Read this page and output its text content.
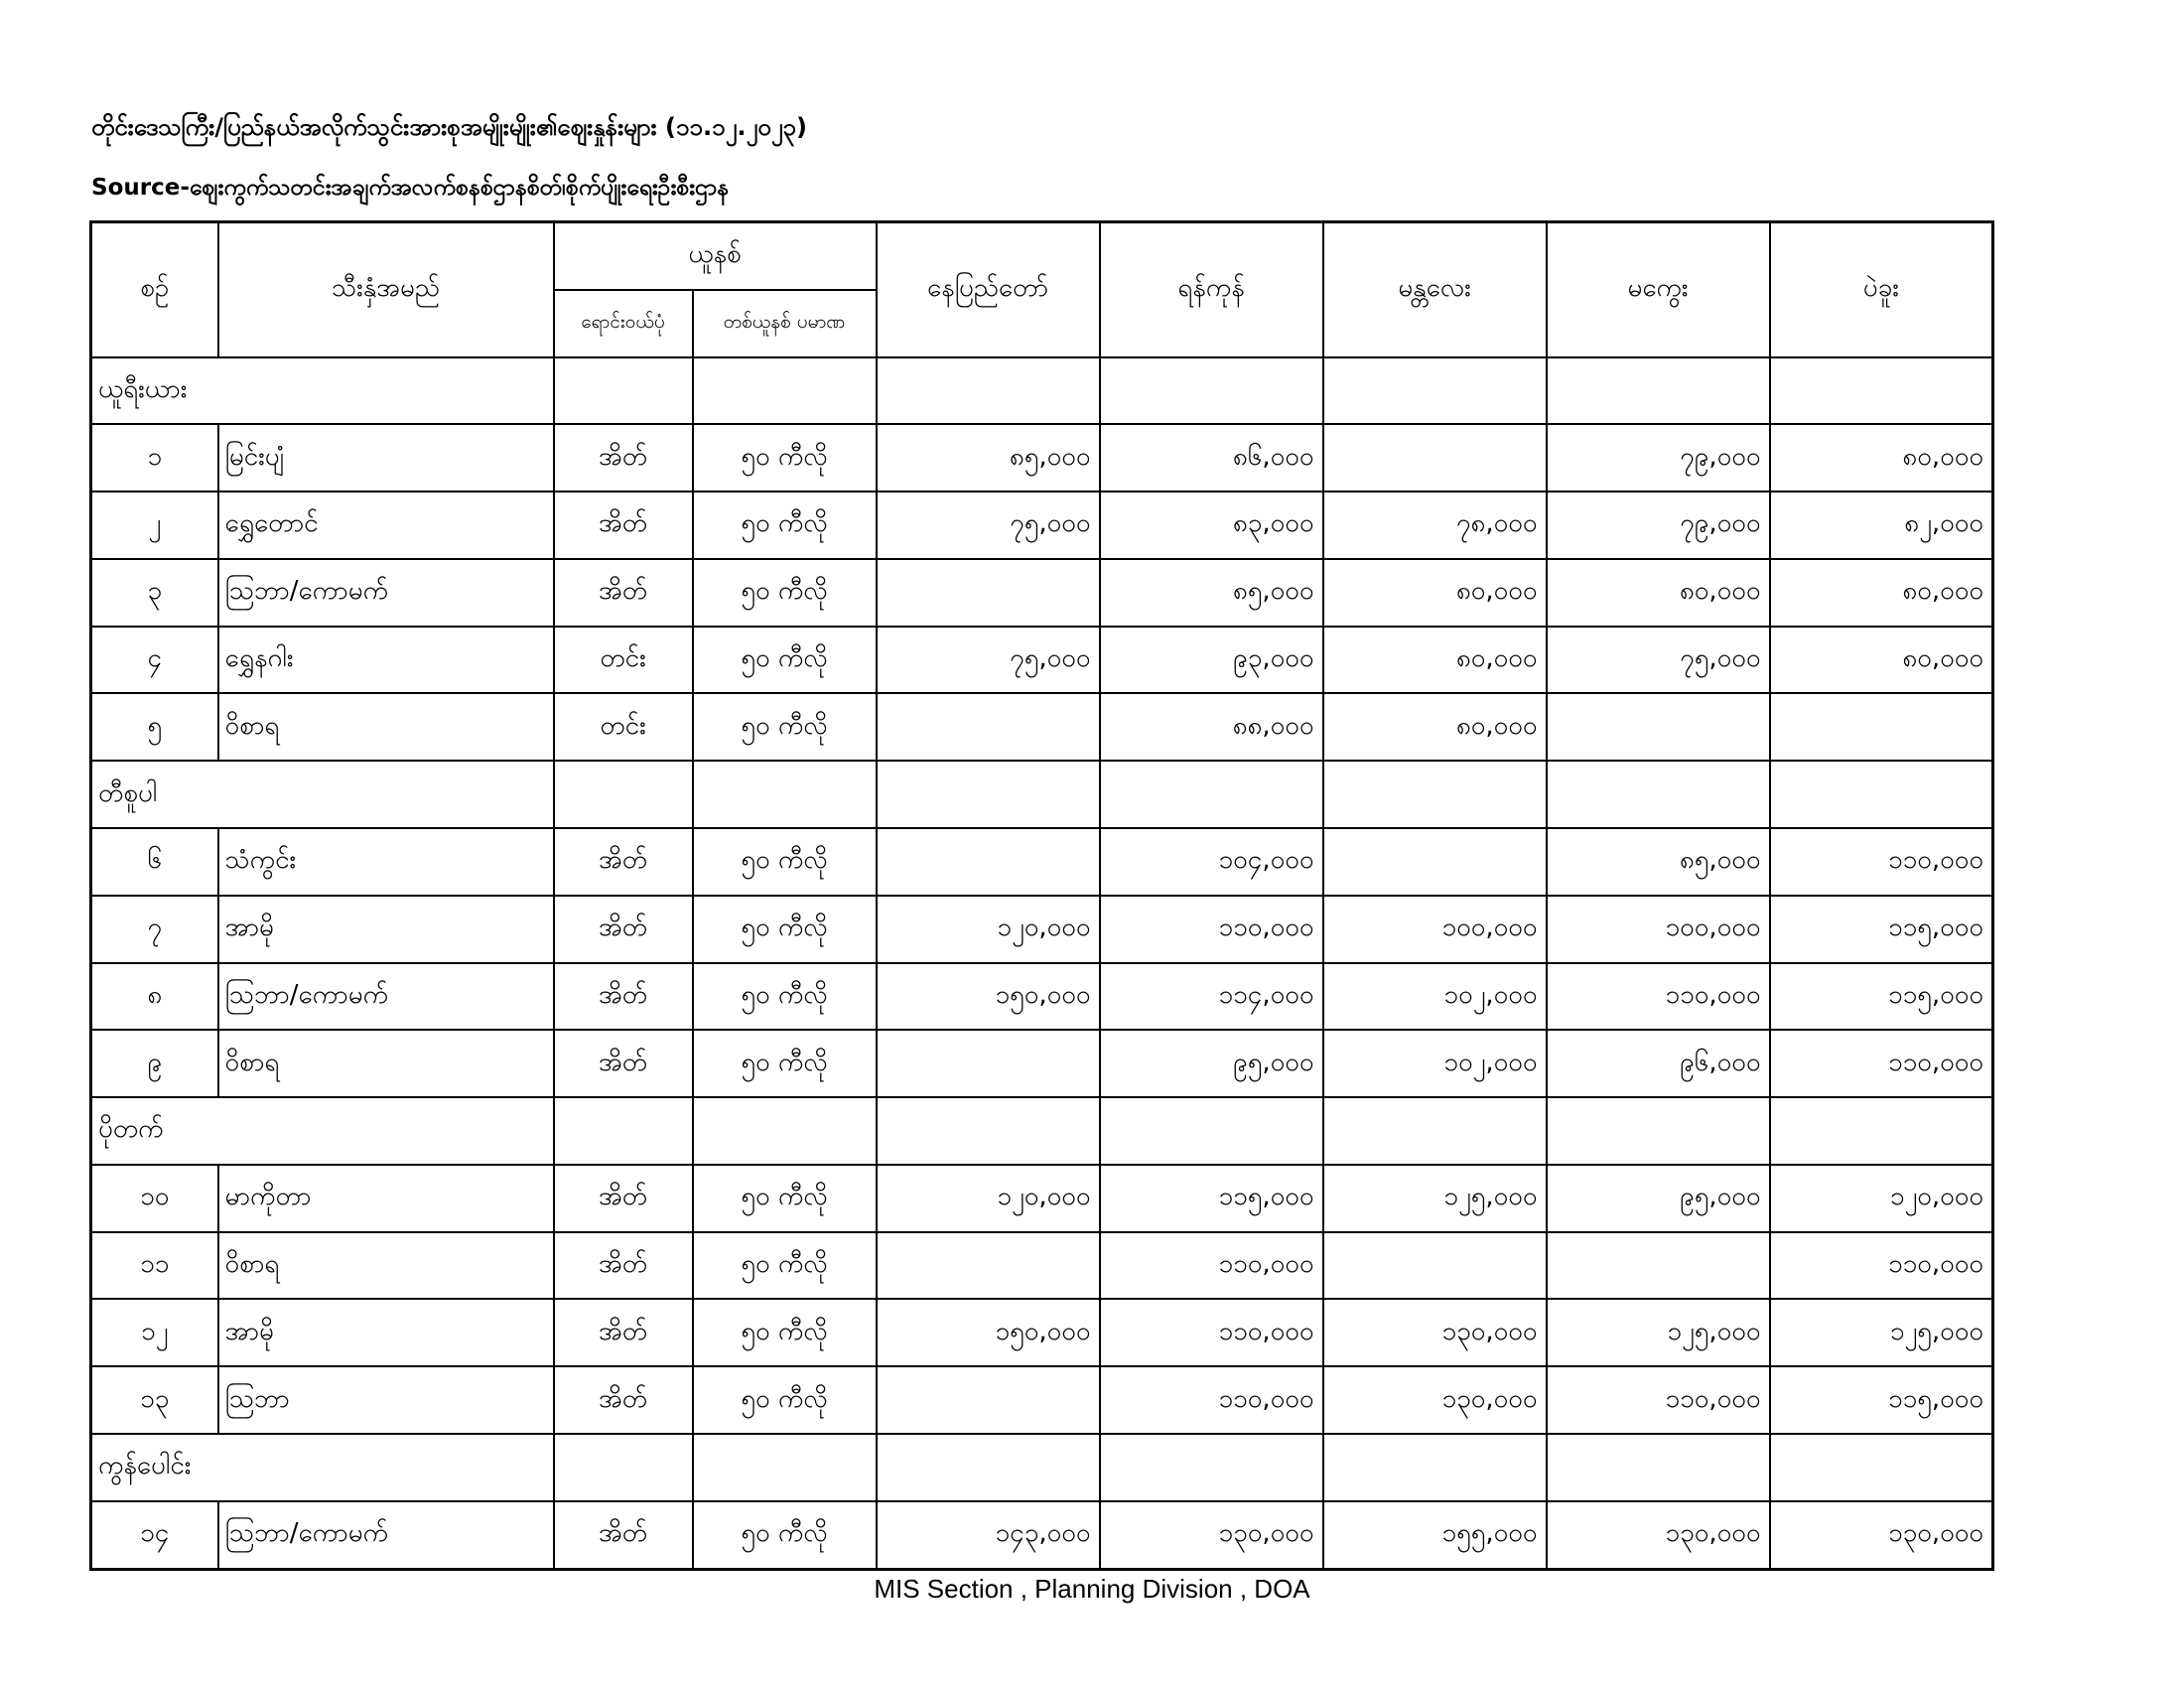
တိုင်းဒေသကြီး/ပြည်နယ်အလိုက်သွင်းအားစုအမျိုးမျိုး၏ဈေးနှုန်းများ (၁၁.၁၂.၂၀၂၃)
Source-ဈေးကွက်သတင်းအချက်အလက်စနစ်ဌာနစိတ်၊စိုက်ပျိုးရေးဦးစီးဌာန
စဉ်	သီးနှံအမည်	ယူနစ်		နေပြည်တော်	ရန်ကုန်	မန္တလေး	မကွေး	ပဲခူး
		ရောင်းဝယ်ပုံ	တစ်ယူနစ် ပမာဏ					
ယူရီးယား								
၁	မြင်းပျံ	အိတ်	၅၀ ကီလို	၈၅,၀၀၀	၈၆,၀၀၀		၇၉,၀၀၀	၈၀,၀၀၀
၂	ရွှေတောင်	အိတ်	၅၀ ကီလို	၇၅,၀၀၀	၈၃,၀၀၀	၇၈,၀၀၀	၇၉,၀၀၀	၈၂,၀၀၀
၃	သြဘာ/ကောမက်	အိတ်	၅၀ ကီလို		၈၅,၀၀၀	၈၀,၀၀၀	၈၀,၀၀၀	၈၀,၀၀၀
၄	ရွှေနဂါး	တင်း	၅၀ ကီလို	၇၅,၀၀၀	၉၃,၀၀၀	၈၀,၀၀၀	၇၅,၀၀၀	၈၀,၀၀၀
၅	ဝိစာရ	တင်း	၅၀ ကီလို		၈၈,၀၀၀	၈၀,၀၀၀		
တီစူပါ								
၆	သံကွင်း	အိတ်	၅၀ ကီလို		၁၀၄,၀၀၀		၈၅,၀၀၀	၁၁၀,၀၀၀
၇	အာမို	အိတ်	၅၀ ကီလို	၁၂၀,၀၀၀	၁၁၀,၀၀၀	၁၀၀,၀၀၀	၁၀၀,၀၀၀	၁၁၅,၀၀၀
၈	သြဘာ/ကောမက်	အိတ်	၅၀ ကီလို	၁၅၀,၀၀၀	၁၁၄,၀၀၀	၁၀၂,၀၀၀	၁၁၀,၀၀၀	၁၁၅,၀၀၀
၉	ဝိစာရ	အိတ်	၅၀ ကီလို		၉၅,၀၀၀	၁၀၂,၀၀၀	၉၆,၀၀၀	၁၁၀,၀၀၀
ပိုတက်								
၁၀	မာကိုတာ	အိတ်	၅၀ ကီလို	၁၂၀,၀၀၀	၁၁၅,၀၀၀	၁၂၅,၀၀၀	၉၅,၀၀၀	၁၂၀,၀၀၀
၁၁	ဝိစာရ	အိတ်	၅၀ ကီလို		၁၁၀,၀၀၀			၁၁၀,၀၀၀
၁၂	အာမို	အိတ်	၅၀ ကီလို	၁၅၀,၀၀၀	၁၁၀,၀၀၀	၁၃၀,၀၀၀	၁၂၅,၀၀၀	၁၂၅,၀၀၀
၁၃	သြဘာ	အိတ်	၅၀ ကီလို		၁၁၀,၀၀၀	၁၃၀,၀၀၀	၁၁၀,၀၀၀	၁၁၅,၀၀၀
ကွန်ပေါင်း								
၁၄	သြဘာ/ကောမက်	အိတ်	၅၀ ကီလို	၁၄၃,၀၀၀	၁၃၀,၀၀၀	၁၅၅,၀၀၀	၁၃၀,၀၀၀	၁၃၀,၀၀၀
MIS Section , Planning Division , DOA
